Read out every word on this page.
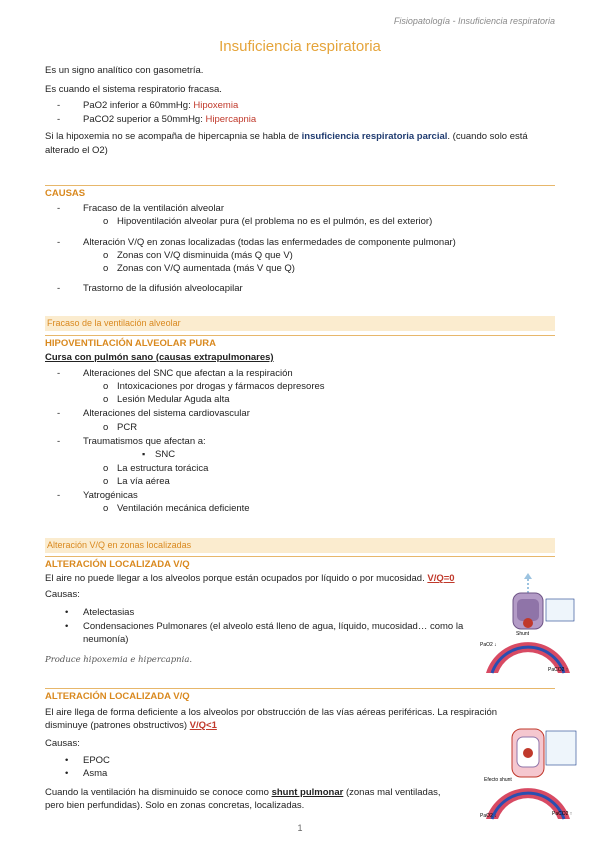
Fisiopatología - Insuficiencia respiratoria
Insuficiencia respiratoria
Es un signo analítico con gasometría.
Es cuando el sistema respiratorio fracasa.
- PaO2 inferior a 60mmHg: Hipoxemia
- PaCO2 superior a 50mmHg: Hipercapnia
Si la hipoxemia no se acompaña de hipercapnia se habla de insuficiencia respiratoria parcial. (cuando solo está
alterado el O2)
CAUSAS
- Fracaso de la ventilación alveolar
o Hipoventilación alveolar pura (el problema no es el pulmón, es del exterior)
- Alteración V/Q en zonas localizadas (todas las enfermedades de componente pulmonar)
o Zonas con V/Q disminuida (más Q que V)
o Zonas con V/Q aumentada (más V que Q)
- Trastorno de la difusión alveolocapilar
Fracaso de la ventilación alveolar
HIPOVENTILACIÓN ALVEOLAR PURA
Cursa con pulmón sano (causas extrapulmonares)
- Alteraciones del SNC que afectan a la respiración
o Intoxicaciones por drogas y fármacos depresores
o Lesión Medular Aguda alta
- Alteraciones del sistema cardiovascular
o PCR
- Traumatismos que afectan a:
▪ SNC
o La estructura torácica
o La vía aérea
- Yatrogénicas
o Ventilación mecánica deficiente
Alteración V/Q en zonas localizadas
ALTERACIÓN LOCALIZADA V/Q
El aire no puede llegar a los alveolos porque están ocupados por líquido o por mucosidad. V/Q=0
Causas:
• Atelectasias
• Condensaciones Pulmonares (el alveolo está lleno de agua, líquido, mucosidad… como la
neumonía)
Produce hipoxemia e hipercapnia.
Shunt
PaO2 ↓
PaCO2 ↑
ALTERACIÓN LOCALIZADA V/Q
El aire llega de forma deficiente a los alveolos por obstrucción de las vías aéreas periféricas. La respiración
disminuye (patrones obstructivos) V/Q<1
Causas:
• EPOC
• Asma
Cuando la ventilación ha disminuido se conoce como shunt pulmonar (zonas mal ventiladas,
pero bien perfundidas). Solo en zonas concretas, localizadas.
Efecto shunt
PaO2 ↓	PaCO2 ↑
1
